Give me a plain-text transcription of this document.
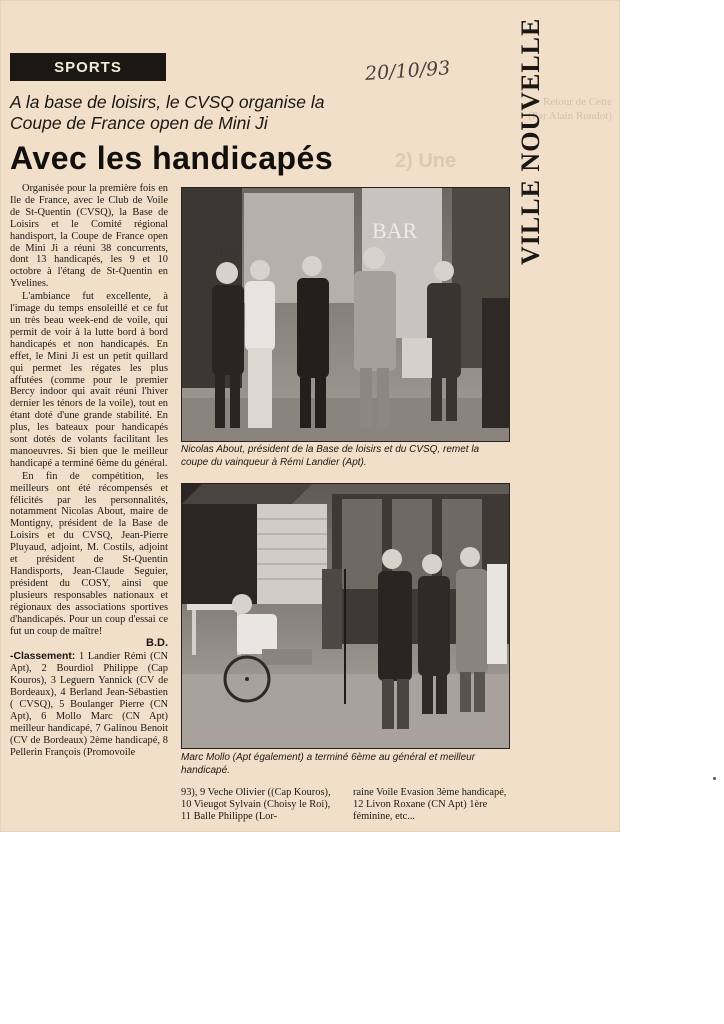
Retour de Cette
(Par Alain Rondot)
2) Une
SPORTS	20/10/93 VILLE NOUVELLE
A la base de loisirs, le CVSQ organise la Coupe de France open de Mini Ji
Avec les handicapés

Organisée pour la première fois en Ile de France, avec le Club de Voile de St-Quentin (CVSQ), la Base de Loisirs et le Comité régional handisport, la Coupe de France open de Mini Ji a réuni 38 concurrents, dont 13 handicapés, les 9 et 10 octobre à l'étang de St-Quentin en Yvelines.

L'ambiance fut excellente, à l'image du temps ensoleillé et ce fut un très beau week-end de voile, qui permit de voir à la lutte bord à bord handicapés et non handicapés. En effet, le Mini Ji est un petit quillard qui permet les régates les plus affutées (comme pour le premier Bercy indoor qui avait réuni l'hiver dernier les ténors de la voile), tout en étant doté d'une grande stabilité. En plus, les bateaux pour handicapés sont dotés de volants facilitant les manoeuvres. Si bien que le meilleur handicapé a terminé 6ème du général.

En fin de compétition, les meilleurs ont été récompensés et félicités par les personnalités, notamment Nicolas About, maire de Montigny, président de la Base de Loisirs et du CVSQ, Jean-Pierre Pluyaud, adjoint, M. Costils, adjoint et président de St-Quentin Handisports, Jean-Claude Seguier, président du COSY, ainsi que plusieurs responsables nationaux et régionaux des associations sportives d'handicapés. Pour un coup d'essai ce fut un coup de maître!

B.D.

-Classement: 1 Landier Rémi (CN Apt), 2 Bourdiol Philippe (Cap Kouros), 3 Leguern Yannick (CV de Bordeaux), 4 Berland Jean-Sébastien ( CVSQ), 5 Boulanger Pierre (CN Apt), 6 Mollo Marc (CN Apt) meilleur handicapé, 7 Galinou Benoit (CV de Bordeaux) 2ème handicapé, 8 Pellerin François (Promovoile

BAR
BAR
Nicolas About, président de la Base de loisirs et du CVSQ, remet la coupe du vainqueur à Rémi Landier (Apt).
Marc Mollo (Apt également) a terminé 6ème au général et meilleur handicapé.
93), 9 Veche Olivier ((Cap Kouros), 10 Vieugot Sylvain (Choisy le Roi), 11 Balle Philippe (Lor-
raine Voile Evasion 3ème handicapé, 12 Livon Roxane (CN Apt) 1ère féminine, etc...
